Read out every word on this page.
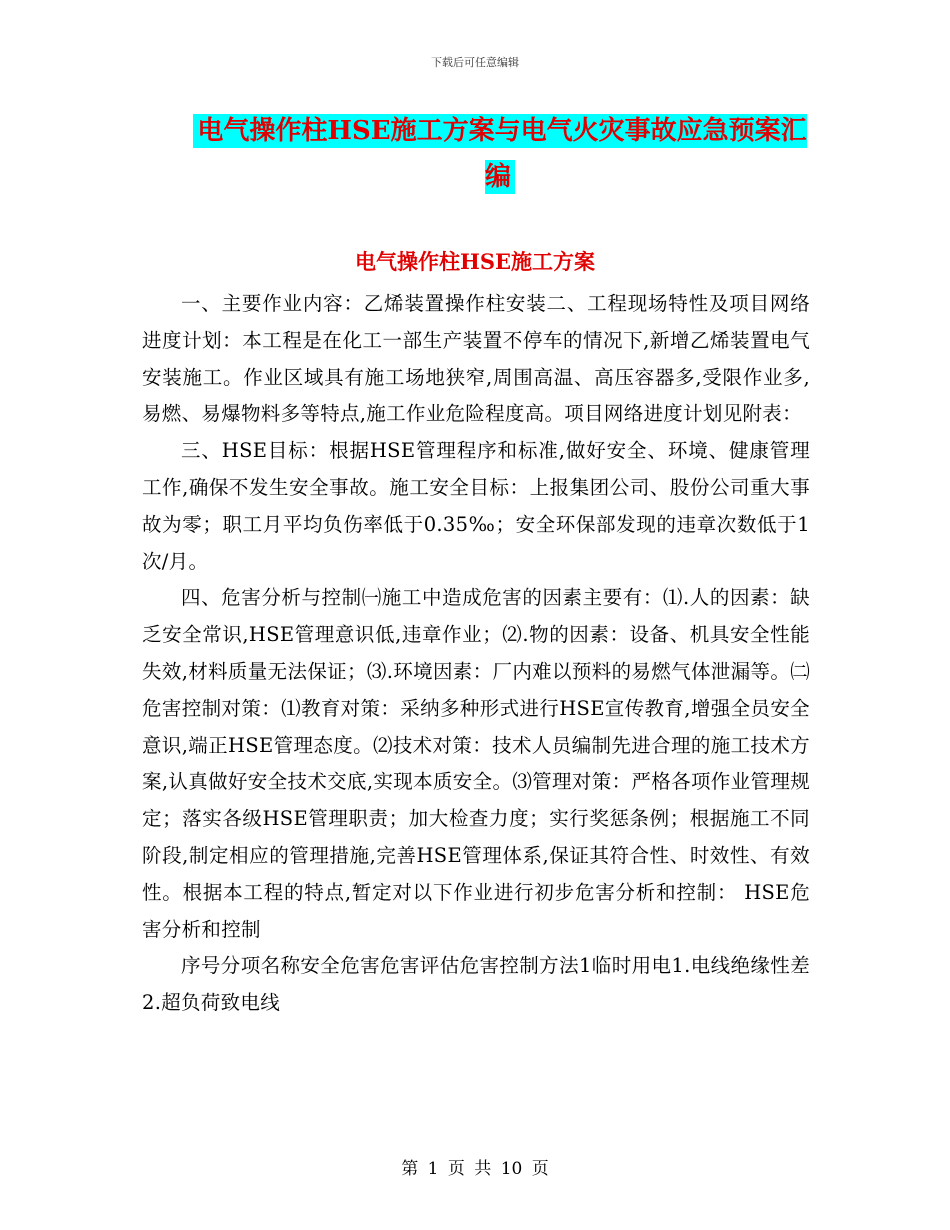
下载后可任意编辑
电气操作柱HSE施工方案与电气火灾事故应急预案汇编
电气操作柱HSE施工方案

一、主要作业内容：乙烯装置操作柱安装二、工程现场特性及项目网络进度计划：本工程是在化工一部生产装置不停车的情况下,新增乙烯装置电气安装施工。作业区域具有施工场地狭窄,周围高温、高压容器多,受限作业多,易燃、易爆物料多等特点,施工作业危险程度高。项目网络进度计划见附表：

三、HSE目标：根据HSE管理程序和标准,做好安全、环境、健康管理工作,确保不发生安全事故。施工安全目标：上报集团公司、股份公司重大事故为零；职工月平均负伤率低于0.35‰；安全环保部发现的违章次数低于1次/月。

四、危害分析与控制㈠施工中造成危害的因素主要有：⑴.人的因素：缺乏安全常识,HSE管理意识低,违章作业；⑵.物的因素：设备、机具安全性能失效,材料质量无法保证；⑶.环境因素：厂内难以预料的易燃气体泄漏等。㈡危害控制对策：⑴教育对策：采纳多种形式进行HSE宣传教育,增强全员安全意识,端正HSE管理态度。⑵技术对策：技术人员编制先进合理的施工技术方案,认真做好安全技术交底,实现本质安全。⑶管理对策：严格各项作业管理规定；落实各级HSE管理职责；加大检查力度；实行奖惩条例；根据施工不同阶段,制定相应的管理措施,完善HSE管理体系,保证其符合性、时效性、有效性。根据本工程的特点,暂定对以下作业进行初步危害分析和控制： HSE危害分析和控制

序号分项名称安全危害危害评估危害控制方法1临时用电1.电线绝缘性差2.超负荷致电线

第 1 页 共 10 页
